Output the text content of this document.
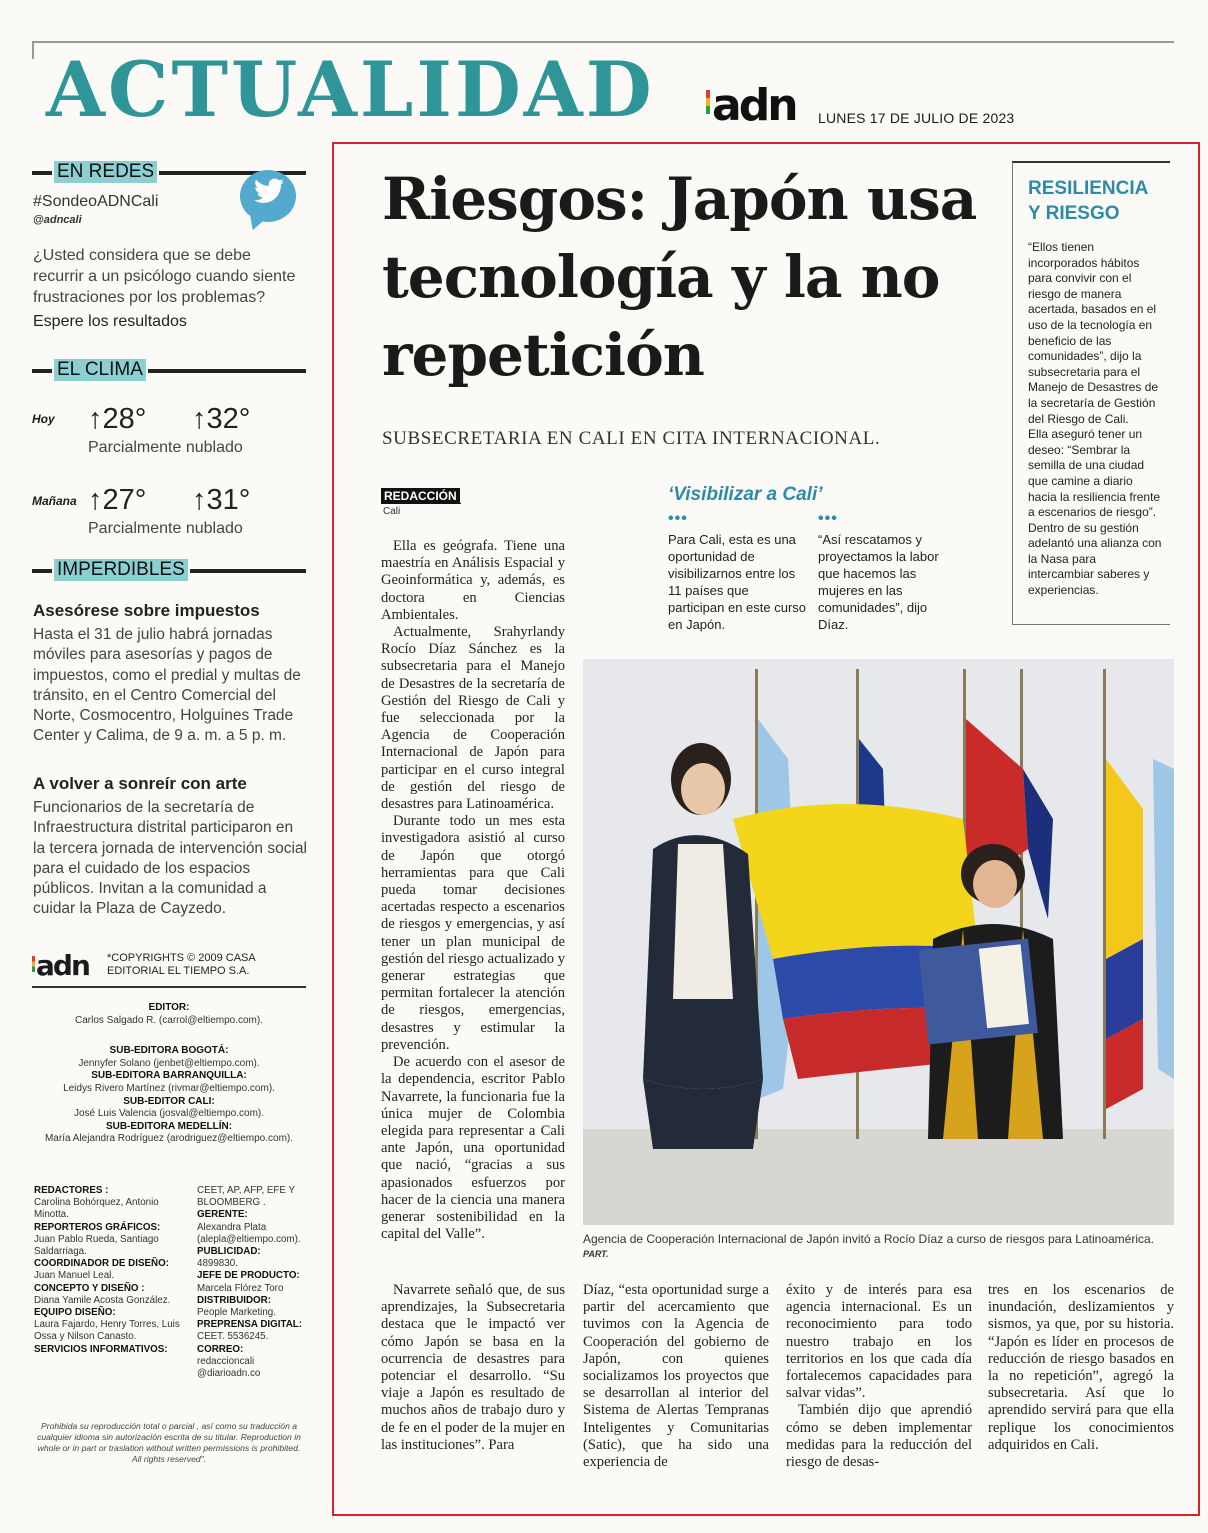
ACTUALIDAD adn LUNES 17 DE JULIO DE 2023
EN REDES
#SondeoADNCali
@adncali
¿Usted considera que se debe recurrir a un psicólogo cuando siente frustraciones por los problemas?
Espere los resultados
EL CLIMA
Hoy ↑28° ↑32°
Parcialmente nublado
Mañana ↑27° ↑31°
Parcialmente nublado
IMPERDIBLES
Asesórese sobre impuestos
Hasta el 31 de julio habrá jornadas móviles para asesorías y pagos de impuestos, como el predial y multas de tránsito, en el Centro Comercial del Norte, Cosmocentro, Holguines Trade Center y Calima, de 9 a. m. a 5 p. m.
A volver a sonreír con arte
Funcionarios de la secretaría de Infraestructura distrital participaron en la tercera jornada de intervención social para el cuidado de los espacios públicos. Invitan a la comunidad a cuidar la Plaza de Cayzedo.
adn *COPYRIGHTS © 2009 CASA
EDITORIAL EL TIEMPO S.A.
EDITOR:
Carlos Salgado R. (carrol@eltiempo.com).

SUB-EDITORA BOGOTÁ:
Jennyfer Solano (jenbet@eltiempo.com).
SUB-EDITORA BARRANQUILLA:
Leidys Rivero Martínez (rivmar@eltiempo.com).
SUB-EDITOR CALI:
José Luis Valencia (josval@eltiempo.com).
SUB-EDITORA MEDELLÍN:
María Alejandra Rodríguez (arodriguez@eltiempo.com).
REDACTORES :
Carolina Bohórquez, Antonio Minotta.
REPORTEROS GRÁFICOS:
Juan Pablo Rueda, Santiago Saldarriaga.
COORDINADOR DE DISEÑO:
Juan Manuel Leal.
CONCEPTO Y DISEÑO :
Diana Yamile Acosta González.
EQUIPO DISEÑO:
Laura Fajardo, Henry Torres, Luis Ossa y Nilson Canasto.
SERVICIOS INFORMATIVOS:
CEET, AP, AFP, EFE Y BLOOMBERG .
GERENTE:
Alexandra Plata (alepla@eltiempo.com).
PUBLICIDAD:
4899830.
JEFE DE PRODUCTO:
Marcela Flórez Toro
DISTRIBUIDOR:
People Marketing.
PREPRENSA DIGITAL:
CEET. 5536245.
CORREO:
redaccioncali
@diarioadn.co
Prohibida su reproducción total o parcial , así como su traducción a cualquier idioma sin autorización escrita de su titular. Reproduction in whole or in part or traslation without written permissions is prohibited. All rights reserved".
Riesgos: Japón usa tecnología y la no repetición
SUBSECRETARIA EN CALI EN CITA INTERNACIONAL.
REDACCIÓN
Cali

Ella es geógrafa. Tiene una maestría en Análisis Espacial y Geoinformática y, además, es doctora en Ciencias Ambientales.

Actualmente, Srahyrlandy Rocío Díaz Sánchez es la subsecretaria para el Manejo de Desastres de la secretaría de Gestión del Riesgo de Cali y fue seleccionada por la Agencia de Cooperación Internacional de Japón para participar en el curso integral de gestión del riesgo de desastres para Latinoamérica.

Durante todo un mes esta investigadora asistió al curso de Japón que otorgó herramientas para que Cali pueda tomar decisiones acertadas respecto a escenarios de riesgos y emergencias, y así tener un plan municipal de gestión del riesgo actualizado y generar estrategias que permitan fortalecer la atención de riesgos, emergencias, desastres y estimular la prevención.

De acuerdo con el asesor de la dependencia, escritor Pablo Navarrete, la funcionaria fue la única mujer de Colombia elegida para representar a Cali ante Japón, una oportunidad que nació, “gracias a sus apasionados esfuerzos por hacer de la ciencia una manera generar sostenibilidad en la capital del Valle”.

Navarrete señaló que, de sus aprendizajes, la Subsecretaria destaca que le impactó ver cómo Japón se basa en la ocurrencia de desastres para potenciar el desarrollo. “Su viaje a Japón es resultado de muchos años de trabajo duro y de fe en el poder de la mujer en las instituciones”. Para

Díaz, “esta oportunidad surge a partir del acercamiento que tuvimos con la Agencia de Cooperación del gobierno de Japón, con quienes socializamos los proyectos que se desarrollan al interior del Sistema de Alertas Tempranas Inteligentes y Comunitarias (Satic), que ha sido una experiencia de

éxito y de interés para esa agencia internacional. Es un reconocimiento para todo nuestro trabajo en los territorios en los que cada día fortalecemos capacidades para salvar vidas”.

También dijo que aprendió cómo se deben implementar medidas para la reducción del riesgo de desas-

tres en los escenarios de inundación, deslizamientos y sismos, ya que, por su historia. “Japón es líder en procesos de reducción de riesgo basados en la no repetición”, agregó la subsecretaria. Así que lo aprendido servirá para que ella replique los conocimientos adquiridos en Cali.

RESILIENCIA
Y RIESGO
“Ellos tienen incorporados hábitos para convivir con el riesgo de manera acertada, basados en el uso de la tecnología en beneficio de las comunidades”, dijo la subsecretaria para el Manejo de Desastres de la secretaría de Gestión del Riesgo de Cali.
Ella aseguró tener un deseo: “Sembrar la semilla de una ciudad que camine a diario hacia la resiliencia frente a escenarios de riesgo”. Dentro de su gestión adelantó una alianza con la Nasa para intercambiar saberes y experiencias.
‘Visibilizar a Cali’
•••	•••
Para Cali, esta es una oportunidad de visibilizarnos entre los 11 países que participan en este curso en Japón.
“Así rescatamos y proyectamos la labor que hacemos las mujeres en las comunidades”, dijo Díaz.
Agencia de Cooperación Internacional de Japón invitó a Rocío Díaz a curso de riesgos para Latinoamérica. PART.
